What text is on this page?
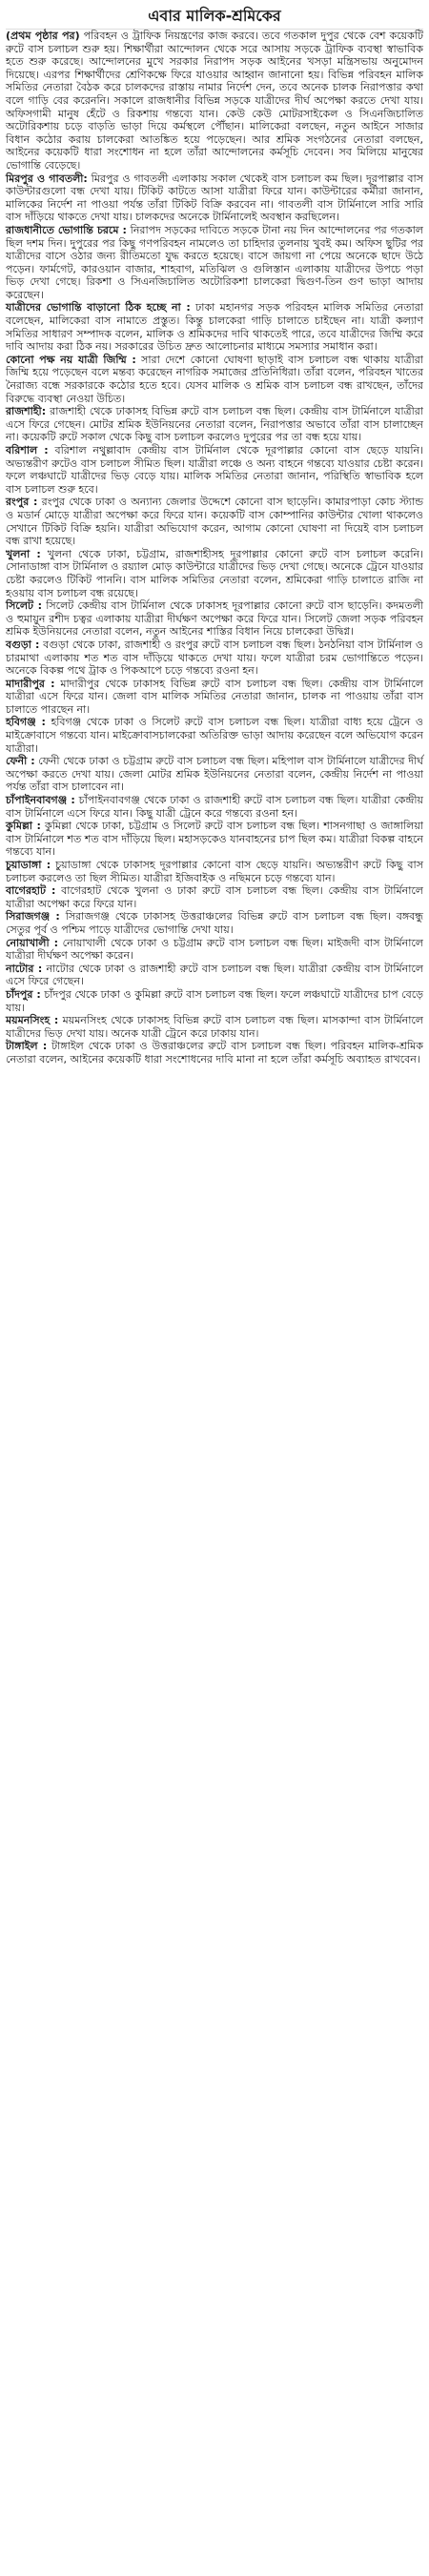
এবার মালিক-শ্রমিকের

(প্রথম পৃষ্ঠার পর) পরিবহন ও ট্রাফিক নিয়ন্ত্রণের কাজ করবে। তবে গতকাল দুপুর থেকে বেশ কয়েকটি রুটে বাস চলাচল শুরু হয়। শিক্ষার্থীরা আন্দোলন থেকে সরে আসায় সড়কে ট্রাফিক ব্যবস্থা স্বাভাবিক হতে শুরু করেছে। আন্দোলনের মুখে সরকার নিরাপদ সড়ক আইনের খসড়া মন্ত্রিসভায় অনুমোদন দিয়েছে। এরপর শিক্ষার্থীদের শ্রেণিকক্ষে ফিরে যাওয়ার আহ্বান জানানো হয়। বিভিন্ন পরিবহন মালিক সমিতির নেতারা বৈঠক করে চালকদের রাস্তায় নামার নির্দেশ দেন, তবে অনেক চালক নিরাপত্তার কথা বলে গাড়ি বের করেননি। সকালে রাজধানীর বিভিন্ন সড়কে যাত্রীদের দীর্ঘ অপেক্ষা করতে দেখা যায়। অফিসগামী মানুষ হেঁটে ও রিকশায় গন্তব্যে যান। কেউ কেউ মোটরসাইকেল ও সিএনজিচালিত অটোরিকশায় চড়ে বাড়তি ভাড়া দিয়ে কর্মস্থলে পৌঁছান। মালিকেরা বলছেন, নতুন আইনে সাজার বিধান কঠোর করায় চালকেরা আতঙ্কিত হয়ে পড়েছেন। আর শ্রমিক সংগঠনের নেতারা বলছেন, আইনের কয়েকটি ধারা সংশোধন না হলে তাঁরা আন্দোলনের কর্মসূচি দেবেন। সব মিলিয়ে মানুষের ভোগান্তি বেড়েছে।

মিরপুর ও গাবতলী: মিরপুর ও গাবতলী এলাকায় সকাল থেকেই বাস চলাচল কম ছিল। দূরপাল্লার বাস কাউন্টারগুলো বন্ধ দেখা যায়। টিকিট কাটতে আসা যাত্রীরা ফিরে যান। কাউন্টারের কর্মীরা জানান, মালিকের নির্দেশ না পাওয়া পর্যন্ত তাঁরা টিকিট বিক্রি করবেন না। গাবতলী বাস টার্মিনালে সারি সারি বাস দাঁড়িয়ে থাকতে দেখা যায়। চালকদের অনেকে টার্মিনালেই অবস্থান করছিলেন।

রাজধানীতে ভোগান্তি চরমে : নিরাপদ সড়কের দাবিতে সড়কে টানা নয় দিন আন্দোলনের পর গতকাল ছিল দশম দিন। দুপুরের পর কিছু গণপরিবহন নামলেও তা চাহিদার তুলনায় খুবই কম। অফিস ছুটির পর যাত্রীদের বাসে ওঠার জন্য রীতিমতো যুদ্ধ করতে হয়েছে। বাসে জায়গা না পেয়ে অনেকে ছাদে উঠে পড়েন। ফার্মগেট, কারওয়ান বাজার, শাহবাগ, মতিঝিল ও গুলিস্তান এলাকায় যাত্রীদের উপচে পড়া ভিড় দেখা গেছে। রিকশা ও সিএনজিচালিত অটোরিকশা চালকেরা দ্বিগুণ-তিন গুণ ভাড়া আদায় করেছেন।

যাত্রীদের ভোগান্তি বাড়ানো ঠিক হচ্ছে না : ঢাকা মহানগর সড়ক পরিবহন মালিক সমিতির নেতারা বলেছেন, মালিকেরা বাস নামাতে প্রস্তুত। কিন্তু চালকেরা গাড়ি চালাতে চাইছেন না। যাত্রী কল্যাণ সমিতির সাধারণ সম্পাদক বলেন, মালিক ও শ্রমিকদের দাবি থাকতেই পারে, তবে যাত্রীদের জিম্মি করে দাবি আদায় করা ঠিক নয়। সরকারের উচিত দ্রুত আলোচনার মাধ্যমে সমস্যার সমাধান করা।

কোনো পক্ষ নয় যাত্রী জিম্মি : সারা দেশে কোনো ঘোষণা ছাড়াই বাস চলাচল বন্ধ থাকায় যাত্রীরা জিম্মি হয়ে পড়েছেন বলে মন্তব্য করেছেন নাগরিক সমাজের প্রতিনিধিরা। তাঁরা বলেন, পরিবহন খাতের নৈরাজ্য বন্ধে সরকারকে কঠোর হতে হবে। যেসব মালিক ও শ্রমিক বাস চলাচল বন্ধ রাখছেন, তাঁদের বিরুদ্ধে ব্যবস্থা নেওয়া উচিত।

রাজশাহী: রাজশাহী থেকে ঢাকাসহ বিভিন্ন রুটে বাস চলাচল বন্ধ ছিল। কেন্দ্রীয় বাস টার্মিনালে যাত্রীরা এসে ফিরে গেছেন। মোটর শ্রমিক ইউনিয়নের নেতারা বলেন, নিরাপত্তার অভাবে তাঁরা বাস চালাচ্ছেন না। কয়েকটি রুটে সকাল থেকে কিছু বাস চলাচল করলেও দুপুরের পর তা বন্ধ হয়ে যায়।

বরিশাল : বরিশাল নথুল্লাবাদ কেন্দ্রীয় বাস টার্মিনাল থেকে দূরপাল্লার কোনো বাস ছেড়ে যায়নি। অভ্যন্তরীণ রুটেও বাস চলাচল সীমিত ছিল। যাত্রীরা লঞ্চে ও অন্য বাহনে গন্তব্যে যাওয়ার চেষ্টা করেন। ফলে লঞ্চঘাটে যাত্রীদের ভিড় বেড়ে যায়। মালিক সমিতির নেতারা জানান, পরিস্থিতি স্বাভাবিক হলে বাস চলাচল শুরু হবে।

রংপুর : রংপুর থেকে ঢাকা ও অন্যান্য জেলার উদ্দেশে কোনো বাস ছাড়েনি। কামারপাড়া কোচ স্ট্যান্ড ও মডার্ন মোড়ে যাত্রীরা অপেক্ষা করে ফিরে যান। কয়েকটি বাস কোম্পানির কাউন্টার খোলা থাকলেও সেখানে টিকিট বিক্রি হয়নি। যাত্রীরা অভিযোগ করেন, আগাম কোনো ঘোষণা না দিয়েই বাস চলাচল বন্ধ রাখা হয়েছে।

খুলনা : খুলনা থেকে ঢাকা, চট্টগ্রাম, রাজশাহীসহ দূরপাল্লার কোনো রুটে বাস চলাচল করেনি। সোনাডাঙ্গা বাস টার্মিনাল ও রয়্যাল মোড় কাউন্টারে যাত্রীদের ভিড় দেখা গেছে। অনেকে ট্রেনে যাওয়ার চেষ্টা করলেও টিকিট পাননি। বাস মালিক সমিতির নেতারা বলেন, শ্রমিকেরা গাড়ি চালাতে রাজি না হওয়ায় বাস চলাচল বন্ধ রয়েছে।

সিলেট : সিলেট কেন্দ্রীয় বাস টার্মিনাল থেকে ঢাকাসহ দূরপাল্লার কোনো রুটে বাস ছাড়েনি। কদমতলী ও হুমায়ুন রশীদ চত্বর এলাকায় যাত্রীরা দীর্ঘক্ষণ অপেক্ষা করে ফিরে যান। সিলেট জেলা সড়ক পরিবহন শ্রমিক ইউনিয়নের নেতারা বলেন, নতুন আইনের শাস্তির বিধান নিয়ে চালকেরা উদ্বিগ্ন।

বগুড়া : বগুড়া থেকে ঢাকা, রাজশাহী ও রংপুর রুটে বাস চলাচল বন্ধ ছিল। ঠনঠনিয়া বাস টার্মিনাল ও চারমাথা এলাকায় শত শত বাস দাঁড়িয়ে থাকতে দেখা যায়। ফলে যাত্রীরা চরম ভোগান্তিতে পড়েন। অনেকে বিকল্প পথে ট্রাক ও পিকআপে চড়ে গন্তব্যে রওনা হন।

মাদারীপুর : মাদারীপুর থেকে ঢাকাসহ বিভিন্ন রুটে বাস চলাচল বন্ধ ছিল। কেন্দ্রীয় বাস টার্মিনালে যাত্রীরা এসে ফিরে যান। জেলা বাস মালিক সমিতির নেতারা জানান, চালক না পাওয়ায় তাঁরা বাস চালাতে পারছেন না।

হবিগঞ্জ : হবিগঞ্জ থেকে ঢাকা ও সিলেট রুটে বাস চলাচল বন্ধ ছিল। যাত্রীরা বাধ্য হয়ে ট্রেনে ও মাইক্রোবাসে গন্তব্যে যান। মাইক্রোবাসচালকেরা অতিরিক্ত ভাড়া আদায় করেছেন বলে অভিযোগ করেন যাত্রীরা।

ফেনী : ফেনী থেকে ঢাকা ও চট্টগ্রাম রুটে বাস চলাচল বন্ধ ছিল। মহিপাল বাস টার্মিনালে যাত্রীদের দীর্ঘ অপেক্ষা করতে দেখা যায়। জেলা মোটর শ্রমিক ইউনিয়নের নেতারা বলেন, কেন্দ্রীয় নির্দেশ না পাওয়া পর্যন্ত তাঁরা বাস চালাবেন না।

চাঁপাইনবাবগঞ্জ : চাঁপাইনবাবগঞ্জ থেকে ঢাকা ও রাজশাহী রুটে বাস চলাচল বন্ধ ছিল। যাত্রীরা কেন্দ্রীয় বাস টার্মিনালে এসে ফিরে যান। কিছু যাত্রী ট্রেনে করে গন্তব্যে রওনা হন।

কুমিল্লা : কুমিল্লা থেকে ঢাকা, চট্টগ্রাম ও সিলেট রুটে বাস চলাচল বন্ধ ছিল। শাসনগাছা ও জাঙ্গালিয়া বাস টার্মিনালে শত শত বাস দাঁড়িয়ে ছিল। মহাসড়কেও যানবাহনের চাপ ছিল কম। যাত্রীরা বিকল্প বাহনে গন্তব্যে যান।

চুয়াডাঙ্গা : চুয়াডাঙ্গা থেকে ঢাকাসহ দূরপাল্লার কোনো বাস ছেড়ে যায়নি। অভ্যন্তরীণ রুটে কিছু বাস চলাচল করলেও তা ছিল সীমিত। যাত্রীরা ইজিবাইক ও নছিমনে চড়ে গন্তব্যে যান।

বাগেরহাট : বাগেরহাট থেকে খুলনা ও ঢাকা রুটে বাস চলাচল বন্ধ ছিল। কেন্দ্রীয় বাস টার্মিনালে যাত্রীরা অপেক্ষা করে ফিরে যান।

সিরাজগঞ্জ : সিরাজগঞ্জ থেকে ঢাকাসহ উত্তরাঞ্চলের বিভিন্ন রুটে বাস চলাচল বন্ধ ছিল। বঙ্গবন্ধু সেতুর পূর্ব ও পশ্চিম পাড়ে যাত্রীদের ভোগান্তি দেখা যায়।

নোয়াখালী : নোয়াখালী থেকে ঢাকা ও চট্টগ্রাম রুটে বাস চলাচল বন্ধ ছিল। মাইজদী বাস টার্মিনালে যাত্রীরা দীর্ঘক্ষণ অপেক্ষা করেন।

নাটোর : নাটোর থেকে ঢাকা ও রাজশাহী রুটে বাস চলাচল বন্ধ ছিল। যাত্রীরা কেন্দ্রীয় বাস টার্মিনালে এসে ফিরে গেছেন।

চাঁদপুর : চাঁদপুর থেকে ঢাকা ও কুমিল্লা রুটে বাস চলাচল বন্ধ ছিল। ফলে লঞ্চঘাটে যাত্রীদের চাপ বেড়ে যায়।

ময়মনসিংহ : ময়মনসিংহ থেকে ঢাকাসহ বিভিন্ন রুটে বাস চলাচল বন্ধ ছিল। মাসকান্দা বাস টার্মিনালে যাত্রীদের ভিড় দেখা যায়। অনেক যাত্রী ট্রেনে করে ঢাকায় যান।

টাঙ্গাইল : টাঙ্গাইল থেকে ঢাকা ও উত্তরাঞ্চলের রুটে বাস চলাচল বন্ধ ছিল। পরিবহন মালিক-শ্রমিক নেতারা বলেন, আইনের কয়েকটি ধারা সংশোধনের দাবি মানা না হলে তাঁরা কর্মসূচি অব্যাহত রাখবেন।
